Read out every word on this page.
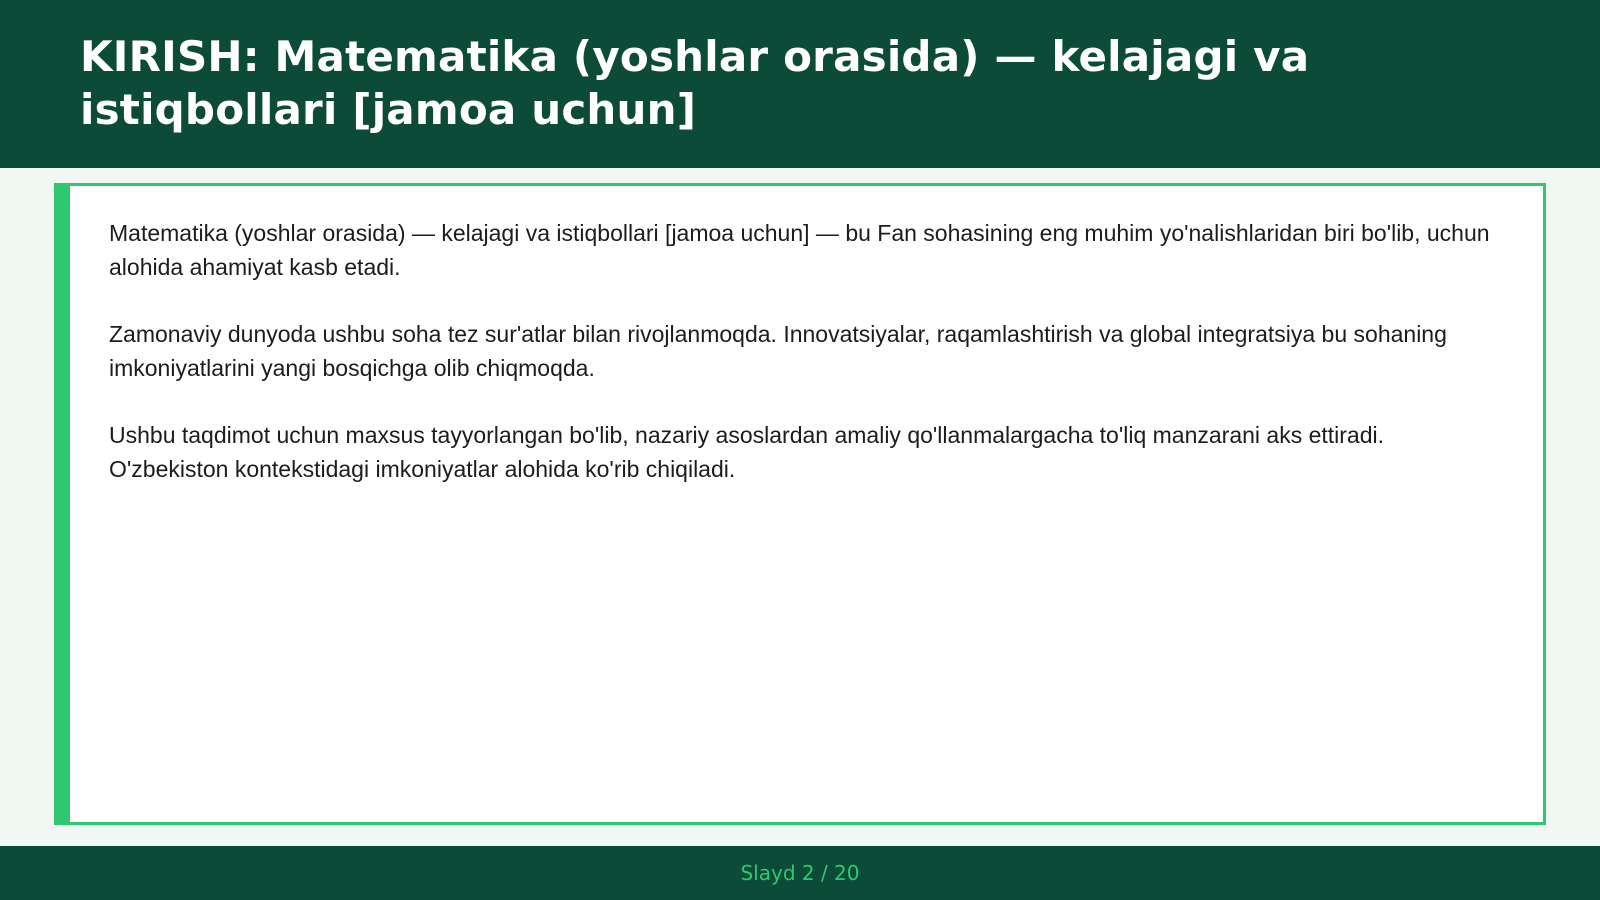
KIRISH: Matematika (yoshlar orasida) — kelajagi va istiqbollari [jamoa uchun]

Matematika (yoshlar orasida) — kelajagi va istiqbollari [jamoa uchun] — bu Fan sohasining eng muhim yo'nalishlaridan biri bo'lib, uchun alohida ahamiyat kasb etadi.

Zamonaviy dunyoda ushbu soha tez sur'atlar bilan rivojlanmoqda. Innovatsiyalar, raqamlashtirish va global integratsiya bu sohaning imkoniyatlarini yangi bosqichga olib chiqmoqda.

Ushbu taqdimot uchun maxsus tayyorlangan bo'lib, nazariy asoslardan amaliy qo'llanmalargacha to'liq manzarani aks ettiradi. O'zbekiston kontekstidagi imkoniyatlar alohida ko'rib chiqiladi.

Slayd 2 / 20
